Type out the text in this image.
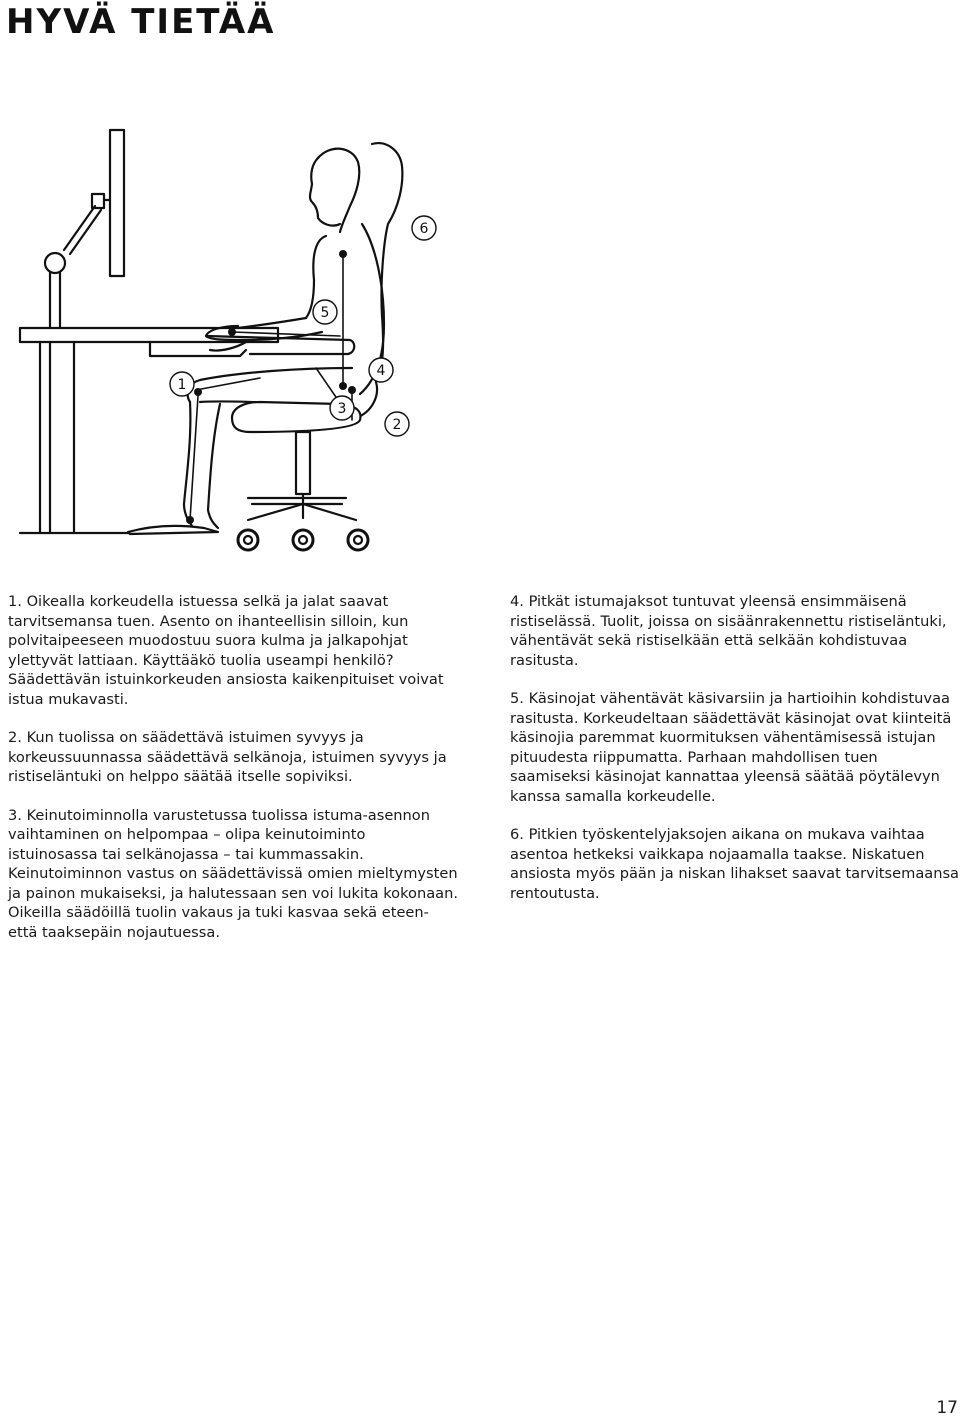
HYVÄ TIETÄÄ
1
2
3
4
5
6

1. Oikealla korkeudella istuessa selkä ja jalat saavat tarvitsemansa tuen. Asento on ihanteellisin silloin, kun polvitaipeeseen muodostuu suora kulma ja jalkapohjat ylettyvät lattiaan. Käyttääkö tuolia useampi henkilö? Säädettävän istuinkorkeuden ansiosta kaikenpituiset voivat istua mukavasti.

2. Kun tuolissa on säädettävä istuimen syvyys ja korkeussuunnassa säädettävä selkänoja, istuimen syvyys ja ristiseläntuki on helppo säätää itselle sopiviksi.

3. Keinutoiminnolla varustetussa tuolissa istuma-asennon vaihtaminen on helpompaa – olipa keinutoiminto istuinosassa tai selkänojassa – tai kummassakin. Keinutoiminnon vastus on säädettävissä omien mieltymysten ja painon mukaiseksi, ja halutessaan sen voi lukita kokonaan. Oikeilla säädöillä tuolin vakaus ja tuki kasvaa sekä eteen- että taaksepäin nojautuessa.

4. Pitkät istumajaksot tuntuvat yleensä ensimmäisenä ristiselässä. Tuolit, joissa on sisäänrakennettu ristiseläntuki, vähentävät sekä ristiselkään että selkään kohdistuvaa rasitusta.

5. Käsinojat vähentävät käsivarsiin ja hartioihin kohdistuvaa rasitusta. Korkeudeltaan säädettävät käsinojat ovat kiinteitä käsinojia paremmat kuormituksen vähentämisessä istujan pituudesta riippumatta. Parhaan mahdollisen tuen saamiseksi käsinojat kannattaa yleensä säätää pöytälevyn kanssa samalla korkeudelle.

6. Pitkien työskentelyjaksojen aikana on mukava vaihtaa asentoa hetkeksi vaikkapa nojaamalla taakse. Niskatuen ansiosta myös pään ja niskan lihakset saavat tarvitsemaansa rentoutusta.

17
